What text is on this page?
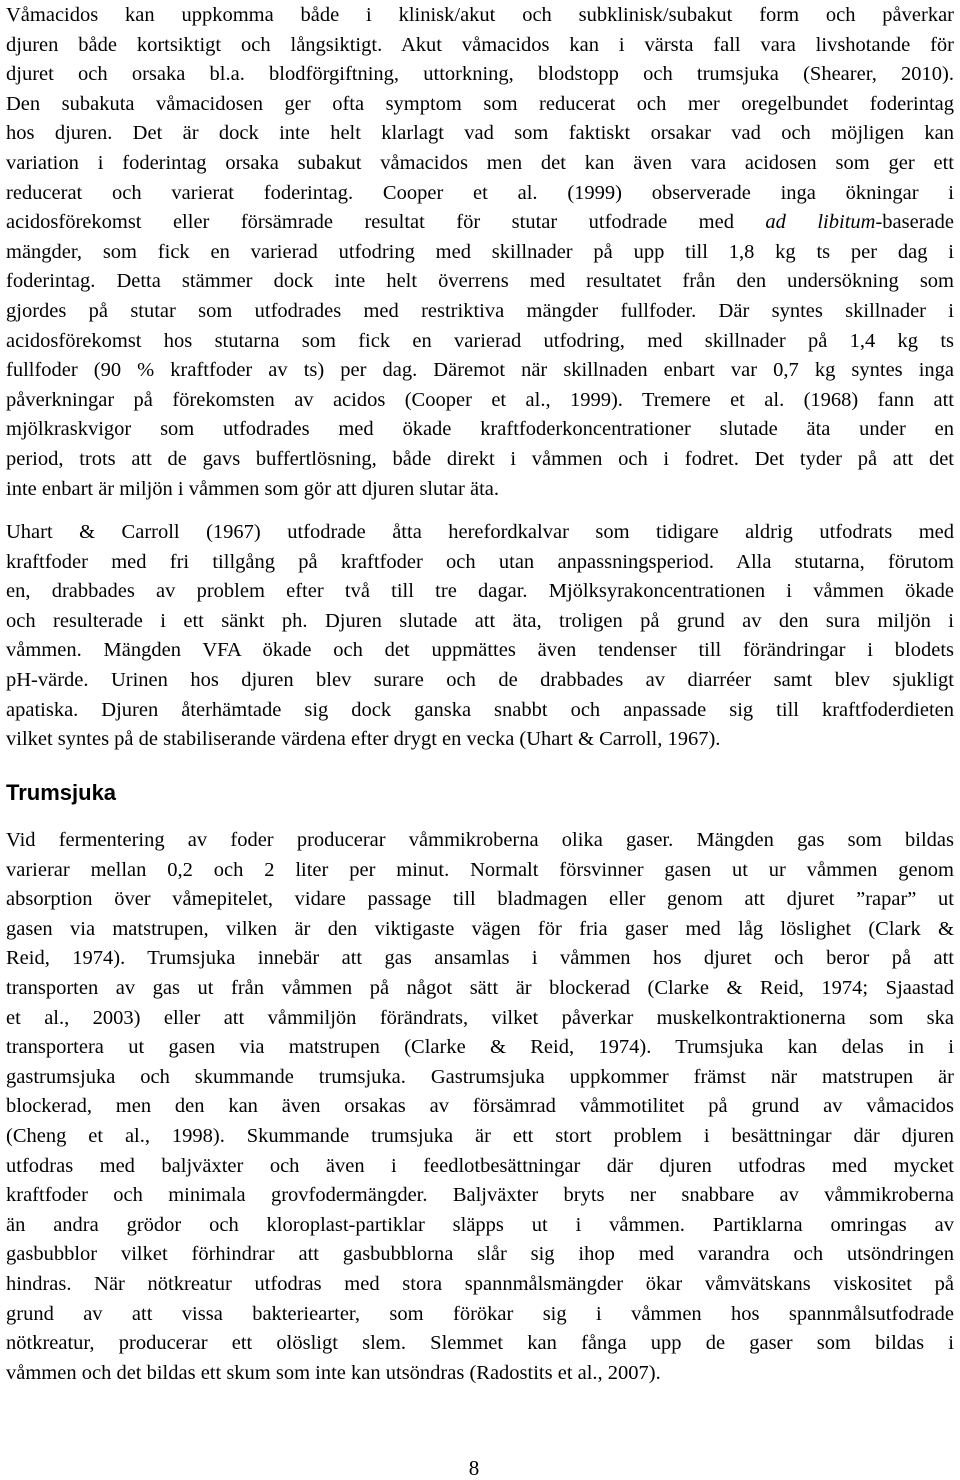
Våmacidos kan uppkomma både i klinisk/akut och subklinisk/subakut form och påverkar
djuren både kortsiktigt och långsiktigt. Akut våmacidos kan i värsta fall vara livshotande för
djuret och orsaka bl.a. blodförgiftning, uttorkning, blodstopp och trumsjuka (Shearer, 2010).
Den subakuta våmacidosen ger ofta symptom som reducerat och mer oregelbundet foderintag
hos djuren. Det är dock inte helt klarlagt vad som faktiskt orsakar vad och möjligen kan
variation i foderintag orsaka subakut våmacidos men det kan även vara acidosen som ger ett
reducerat och varierat foderintag. Cooper et al. (1999) observerade inga ökningar i
acidosförekomst eller försämrade resultat för stutar utfodrade med ad libitum-baserade
mängder, som fick en varierad utfodring med skillnader på upp till 1,8 kg ts per dag i
foderintag. Detta stämmer dock inte helt överrens med resultatet från den undersökning som
gjordes på stutar som utfodrades med restriktiva mängder fullfoder. Där syntes skillnader i
acidosförekomst hos stutarna som fick en varierad utfodring, med skillnader på 1,4 kg ts
fullfoder (90 % kraftfoder av ts) per dag. Däremot när skillnaden enbart var 0,7 kg syntes inga
påverkningar på förekomsten av acidos (Cooper et al., 1999). Tremere et al. (1968) fann att
mjölkraskvigor som utfodrades med ökade kraftfoderkoncentrationer slutade äta under en
period, trots att de gavs buffertlösning, både direkt i våmmen och i fodret. Det tyder på att det
inte enbart är miljön i våmmen som gör att djuren slutar äta.
Uhart & Carroll (1967) utfodrade åtta herefordkalvar som tidigare aldrig utfodrats med
kraftfoder med fri tillgång på kraftfoder och utan anpassningsperiod. Alla stutarna, förutom
en, drabbades av problem efter två till tre dagar. Mjölksyrakoncentrationen i våmmen ökade
och resulterade i ett sänkt ph. Djuren slutade att äta, troligen på grund av den sura miljön i
våmmen. Mängden VFA ökade och det uppmättes även tendenser till förändringar i blodets
pH-värde. Urinen hos djuren blev surare och de drabbades av diarréer samt blev sjukligt
apatiska. Djuren återhämtade sig dock ganska snabbt och anpassade sig till kraftfoderdieten
vilket syntes på de stabiliserande värdena efter drygt en vecka (Uhart & Carroll, 1967).
Trumsjuka
Vid fermentering av foder producerar våmmikroberna olika gaser. Mängden gas som bildas
varierar mellan 0,2 och 2 liter per minut. Normalt försvinner gasen ut ur våmmen genom
absorption över våmepitelet, vidare passage till bladmagen eller genom att djuret ”rapar” ut
gasen via matstrupen, vilken är den viktigaste vägen för fria gaser med låg löslighet (Clark &
Reid, 1974). Trumsjuka innebär att gas ansamlas i våmmen hos djuret och beror på att
transporten av gas ut från våmmen på något sätt är blockerad (Clarke & Reid, 1974; Sjaastad
et al., 2003) eller att våmmiljön förändrats, vilket påverkar muskelkontraktionerna som ska
transportera ut gasen via matstrupen (Clarke & Reid, 1974). Trumsjuka kan delas in i
gastrumsjuka och skummande trumsjuka. Gastrumsjuka uppkommer främst när matstrupen är
blockerad, men den kan även orsakas av försämrad våmmotilitet på grund av våmacidos
(Cheng et al., 1998). Skummande trumsjuka är ett stort problem i besättningar där djuren
utfodras med baljväxter och även i feedlotbesättningar där djuren utfodras med mycket
kraftfoder och minimala grovfodermängder. Baljväxter bryts ner snabbare av våmmikroberna
än andra grödor och kloroplast-partiklar släpps ut i våmmen. Partiklarna omringas av
gasbubblor vilket förhindrar att gasbubblorna slår sig ihop med varandra och utsöndringen
hindras. När nötkreatur utfodras med stora spannmålsmängder ökar våmvätskans viskositet på
grund av att vissa bakteriearter, som förökar sig i våmmen hos spannmålsutfodrade
nötkreatur, producerar ett olösligt slem. Slemmet kan fånga upp de gaser som bildas i
våmmen och det bildas ett skum som inte kan utsöndras (Radostits et al., 2007).
8
